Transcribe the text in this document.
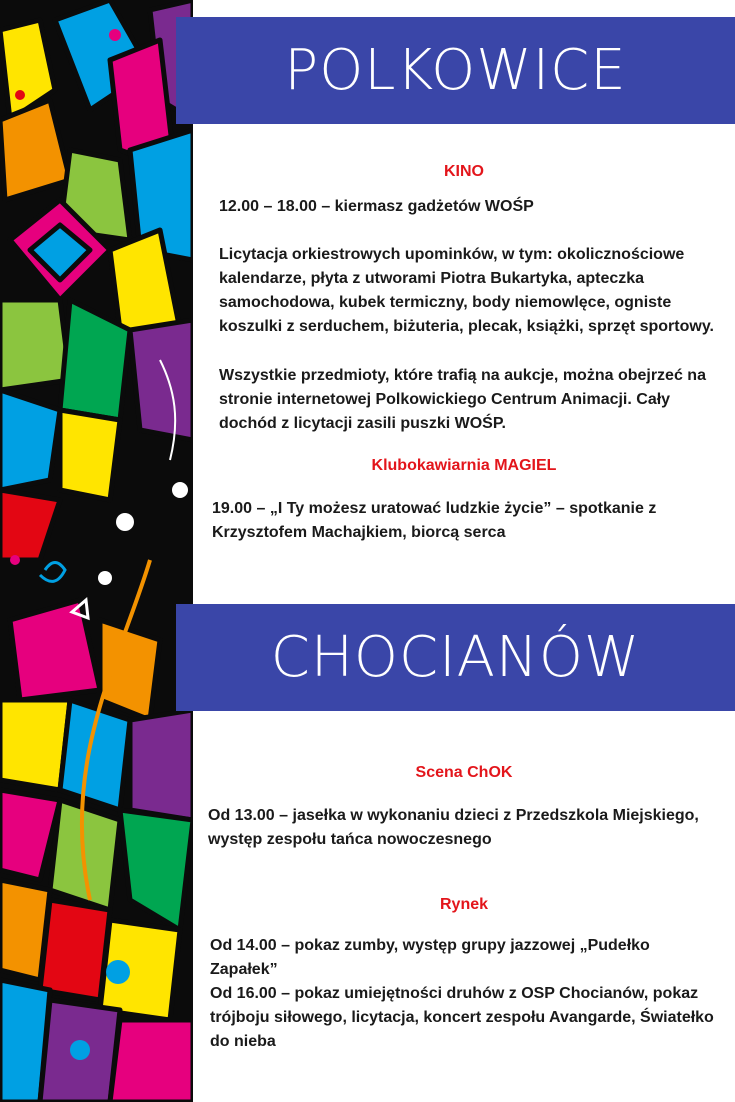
POLKOWICE
KINO
12.00 – 18.00 – kiermasz gadżetów WOŚP

Licytacja orkiestrowych upominków, w tym: okolicznościowe

kalendarze, płyta z utworami Piotra Bukartyka, apteczka

samochodowa, kubek termiczny, body niemowlęce, ogniste

koszulki z serduchem, biżuteria, plecak, książki, sprzęt sportowy.

Wszystkie przedmioty, które trafią na aukcje, można obejrzeć na

stronie internetowej Polkowickiego Centrum Animacji. Cały

dochód z licytacji zasili puszki WOŚP.

Klubokawiarnia MAGIEL

19.00 – „I Ty możesz uratować ludzkie życie” – spotkanie z

Krzysztofem Machajkiem, biorcą serca

CHOCIANÓW
Scena ChOK

Od 13.00 – jasełka w wykonaniu dzieci z Przedszkola Miejskiego,

występ zespołu tańca nowoczesnego

Rynek

Od 14.00 – pokaz zumby, występ grupy jazzowej „Pudełko

Zapałek”

Od 16.00 – pokaz umiejętności druhów z OSP Chocianów, pokaz

trójboju siłowego, licytacja, koncert zespołu Avangarde, Światełko

do nieba
